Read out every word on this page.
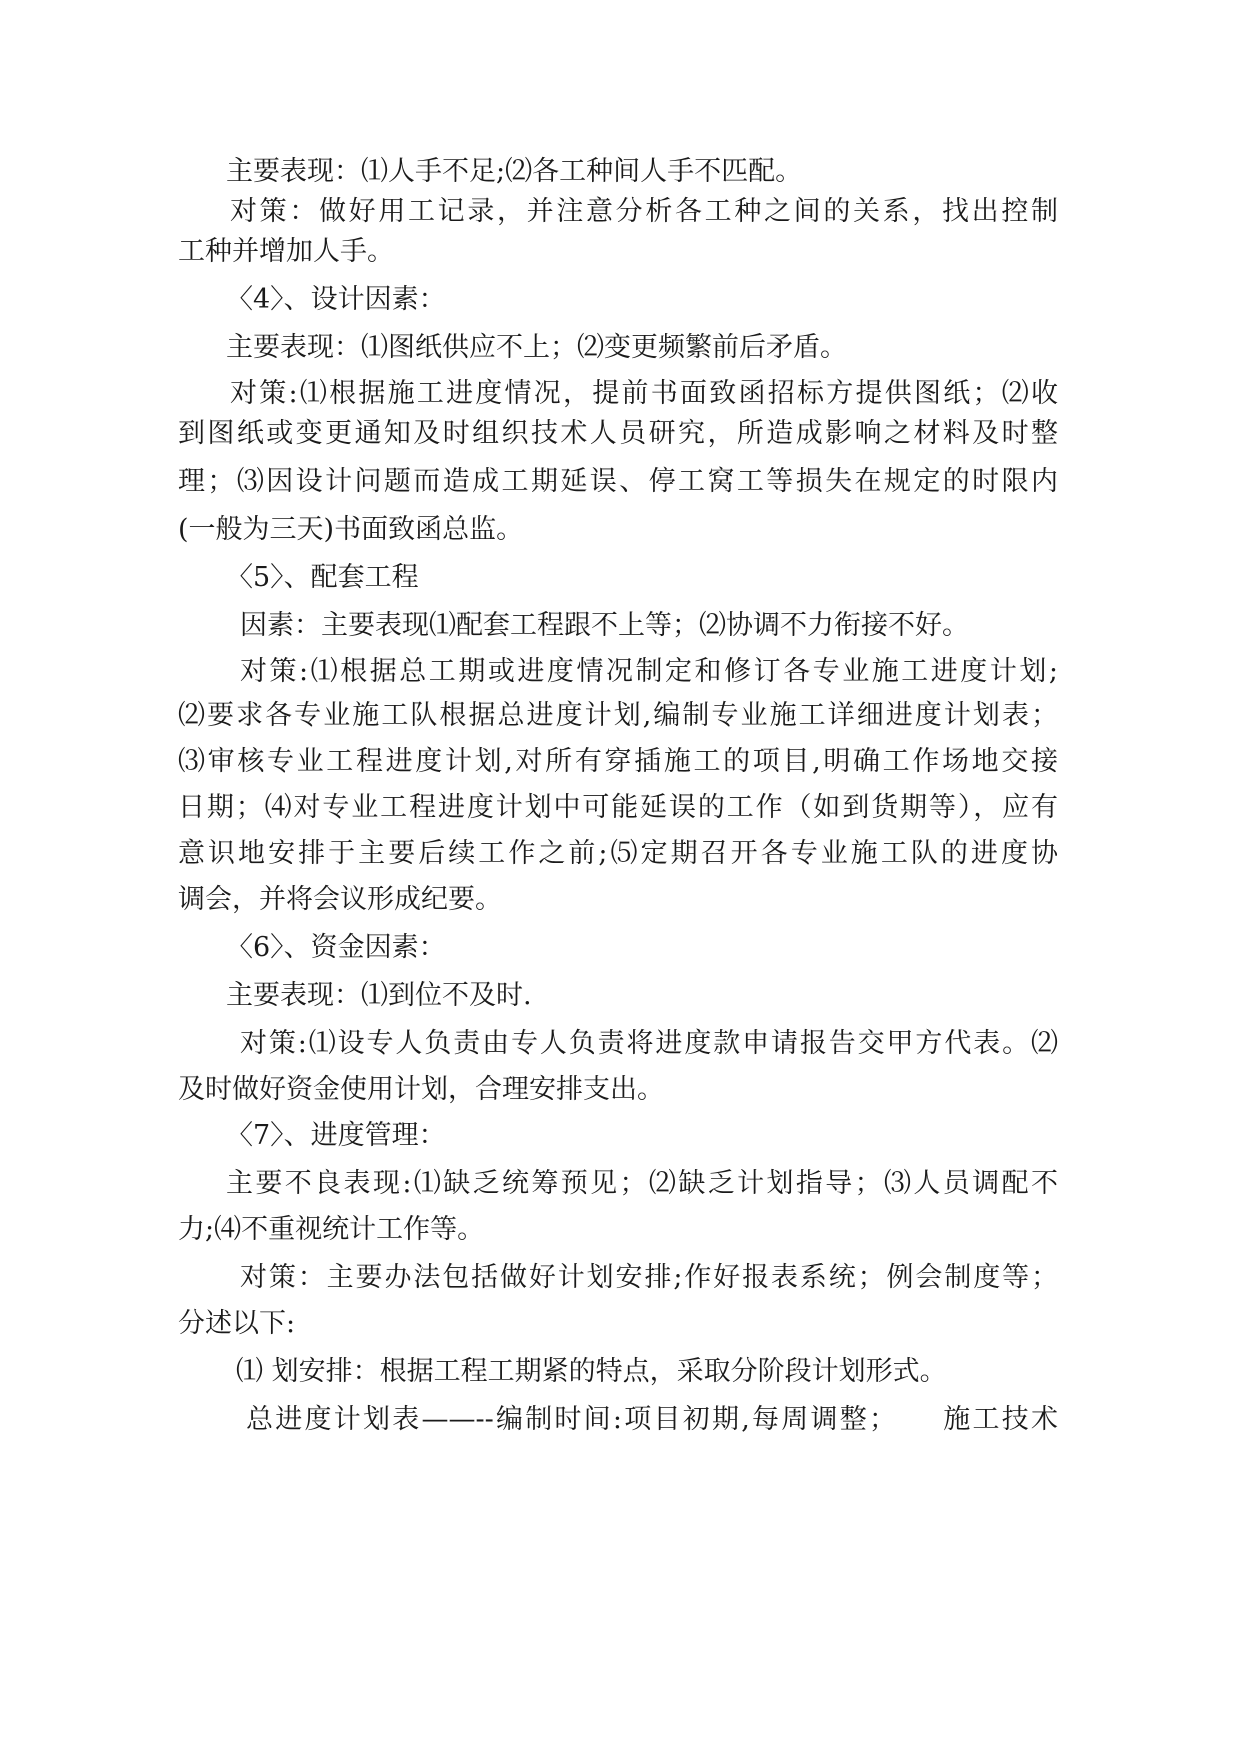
主要表现：⑴人手不足;⑵各工种间人手不匹配。
对策：做好用工记录，并注意分析各工种之间的关系，找出控制
工种并增加人手。
〈4〉、设计因素：
主要表现：⑴图纸供应不上；⑵变更频繁前后矛盾。
对策:⑴根据施工进度情况，提前书面致函招标方提供图纸；⑵收
到图纸或变更通知及时组织技术人员研究，所造成影响之材料及时整
理；⑶因设计问题而造成工期延误、停工窝工等损失在规定的时限内
(一般为三天)书面致函总监。
〈5〉、配套工程
因素：主要表现⑴配套工程跟不上等；⑵协调不力衔接不好。
对策:⑴根据总工期或进度情况制定和修订各专业施工进度计划;
⑵要求各专业施工队根据总进度计划,编制专业施工详细进度计划表；
⑶审核专业工程进度计划,对所有穿插施工的项目,明确工作场地交接
日期；⑷对专业工程进度计划中可能延误的工作（如到货期等），应有
意识地安排于主要后续工作之前;⑸定期召开各专业施工队的进度协
调会，并将会议形成纪要。
〈6〉、资金因素：
主要表现：⑴到位不及时.
对策:⑴设专人负责由专人负责将进度款申请报告交甲方代表。⑵
及时做好资金使用计划，合理安排支出。
〈7〉、进度管理：
主要不良表现:⑴缺乏统筹预见；⑵缺乏计划指导；⑶人员调配不
力;⑷不重视统计工作等。
对策：主要办法包括做好计划安排;作好报表系统；例会制度等；
分述以下:
⑴ 划安排：根据工程工期紧的特点，采取分阶段计划形式。
总进度计划表——--编制时间:项目初期,每周调整；　　施工技术
